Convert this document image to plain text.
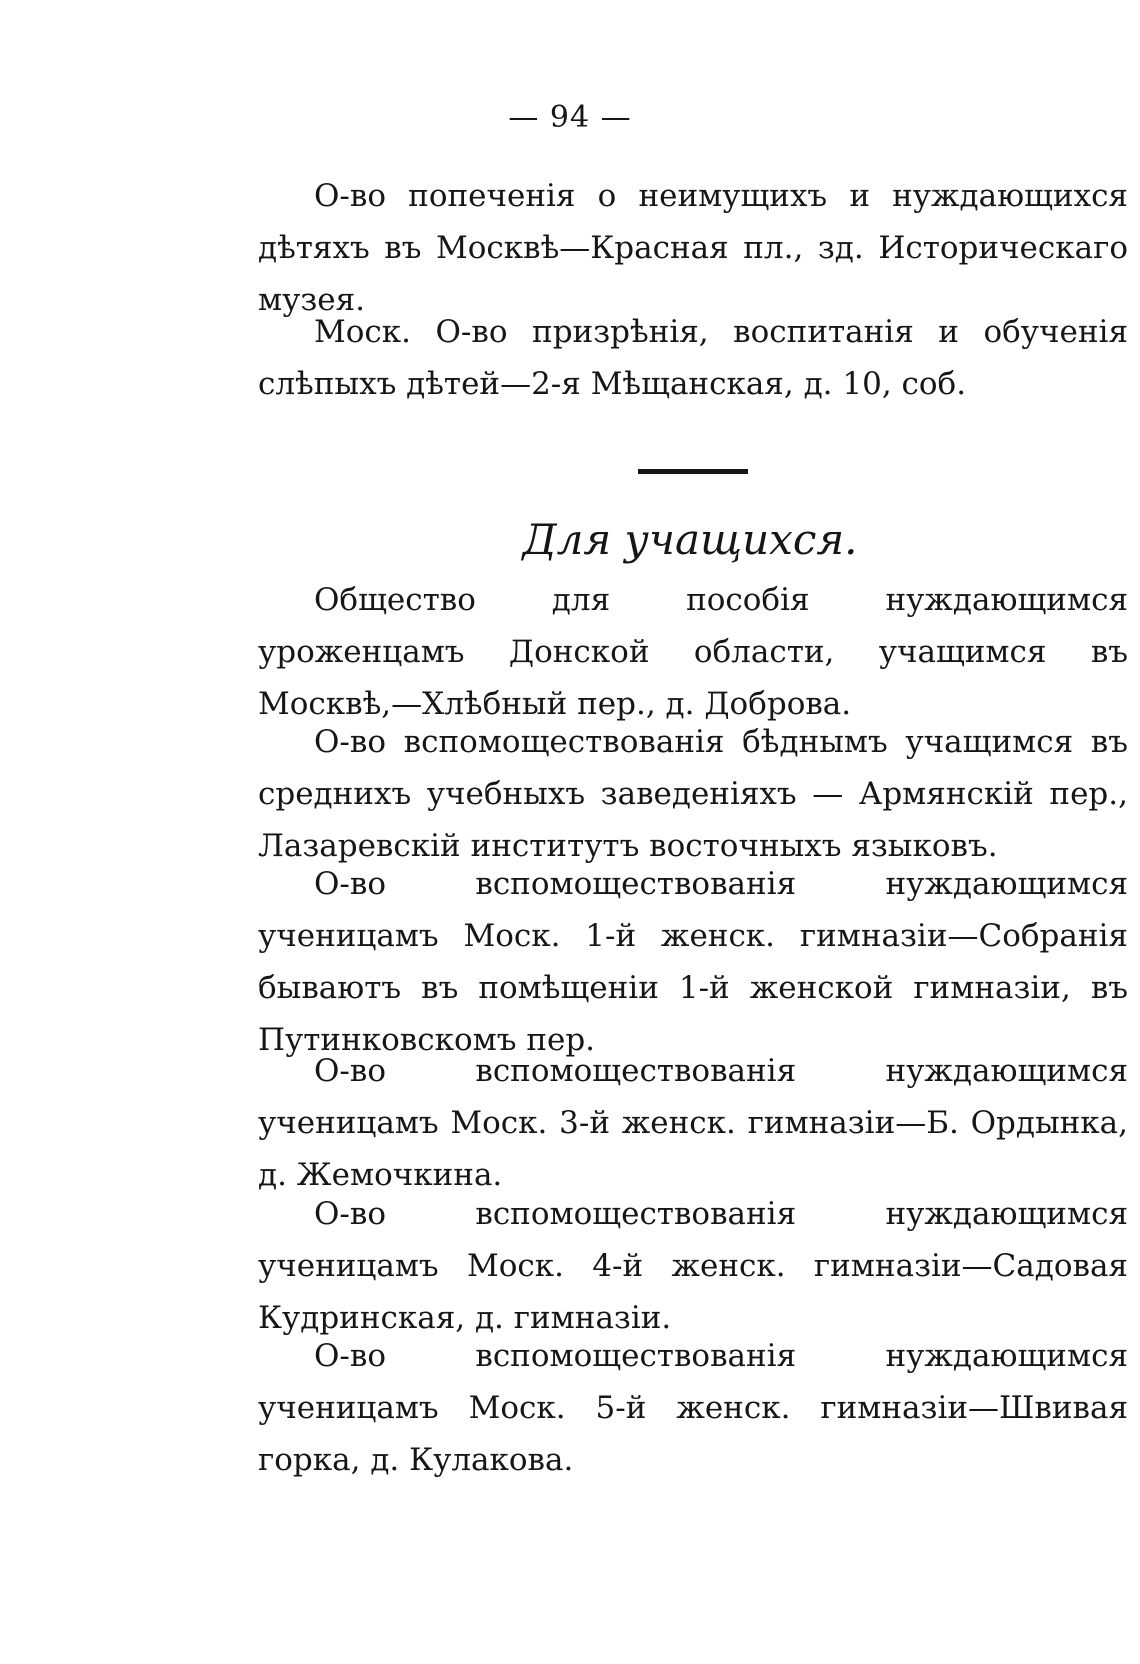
— 94 —

О-во попеченія о неимущихъ и нуждающихся дѣтяхъ въ Москвѣ—Красная пл., зд. Историческаго музея.

Моск. О-во призрѣнія, воспитанія и обученія слѣпыхъ дѣтей—2-я Мѣщанская, д. 10, соб.

Для учащихся.

Общество для пособія нуждающимся уроженцамъ Донской области, учащимся въ Москвѣ,—Хлѣбный пер., д. Доброва.

О-во вспомоществованія бѣднымъ учащимся въ среднихъ учебныхъ заведеніяхъ — Армянскій пер., Лазаревскій институтъ восточныхъ языковъ.

О-во вспомоществованія нуждающимся ученицамъ Моск. 1-й женск. гимназіи—Собранія бываютъ въ помѣщеніи 1-й женской гимназіи, въ Путинковскомъ пер.

О-во вспомоществованія нуждающимся ученицамъ Моск. 3-й женск. гимназіи—Б. Ордынка, д. Жемочкина.

О-во вспомоществованія нуждающимся ученицамъ Моск. 4-й женск. гимназіи—Садовая Кудринская, д. гимназіи.

О-во вспомоществованія нуждающимся ученицамъ Моск. 5-й женск. гимназіи—Швивая горка, д. Кулакова.
